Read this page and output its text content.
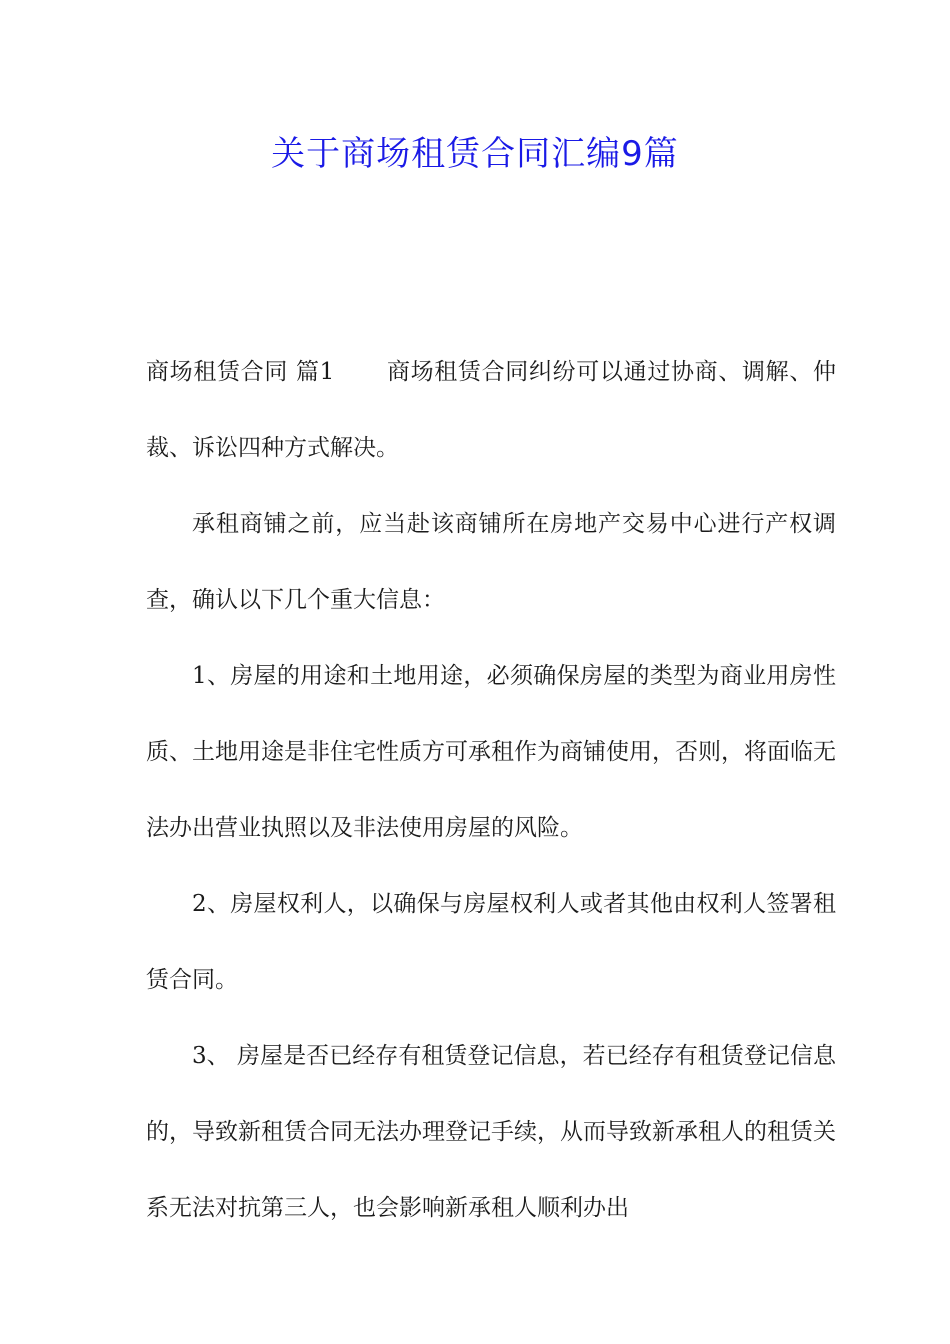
关于商场租赁合同汇编9篇

商场租赁合同 篇1 商场租赁合同纠纷可以通过协商、调解、仲裁、诉讼四种方式解决。

承租商铺之前，应当赴该商铺所在房地产交易中心进行产权调查，确认以下几个重大信息：

1、房屋的用途和土地用途，必须确保房屋的类型为商业用房性质、土地用途是非住宅性质方可承租作为商铺使用，否则，将面临无法办出营业执照以及非法使用房屋的风险。

2、房屋权利人，以确保与房屋权利人或者其他由权利人签署租赁合同。

3、 房屋是否已经存有租赁登记信息，若已经存有租赁登记信息的，导致新租赁合同无法办理登记手续，从而导致新承租人的租赁关系无法对抗第三人，也会影响新承租人顺利办出
